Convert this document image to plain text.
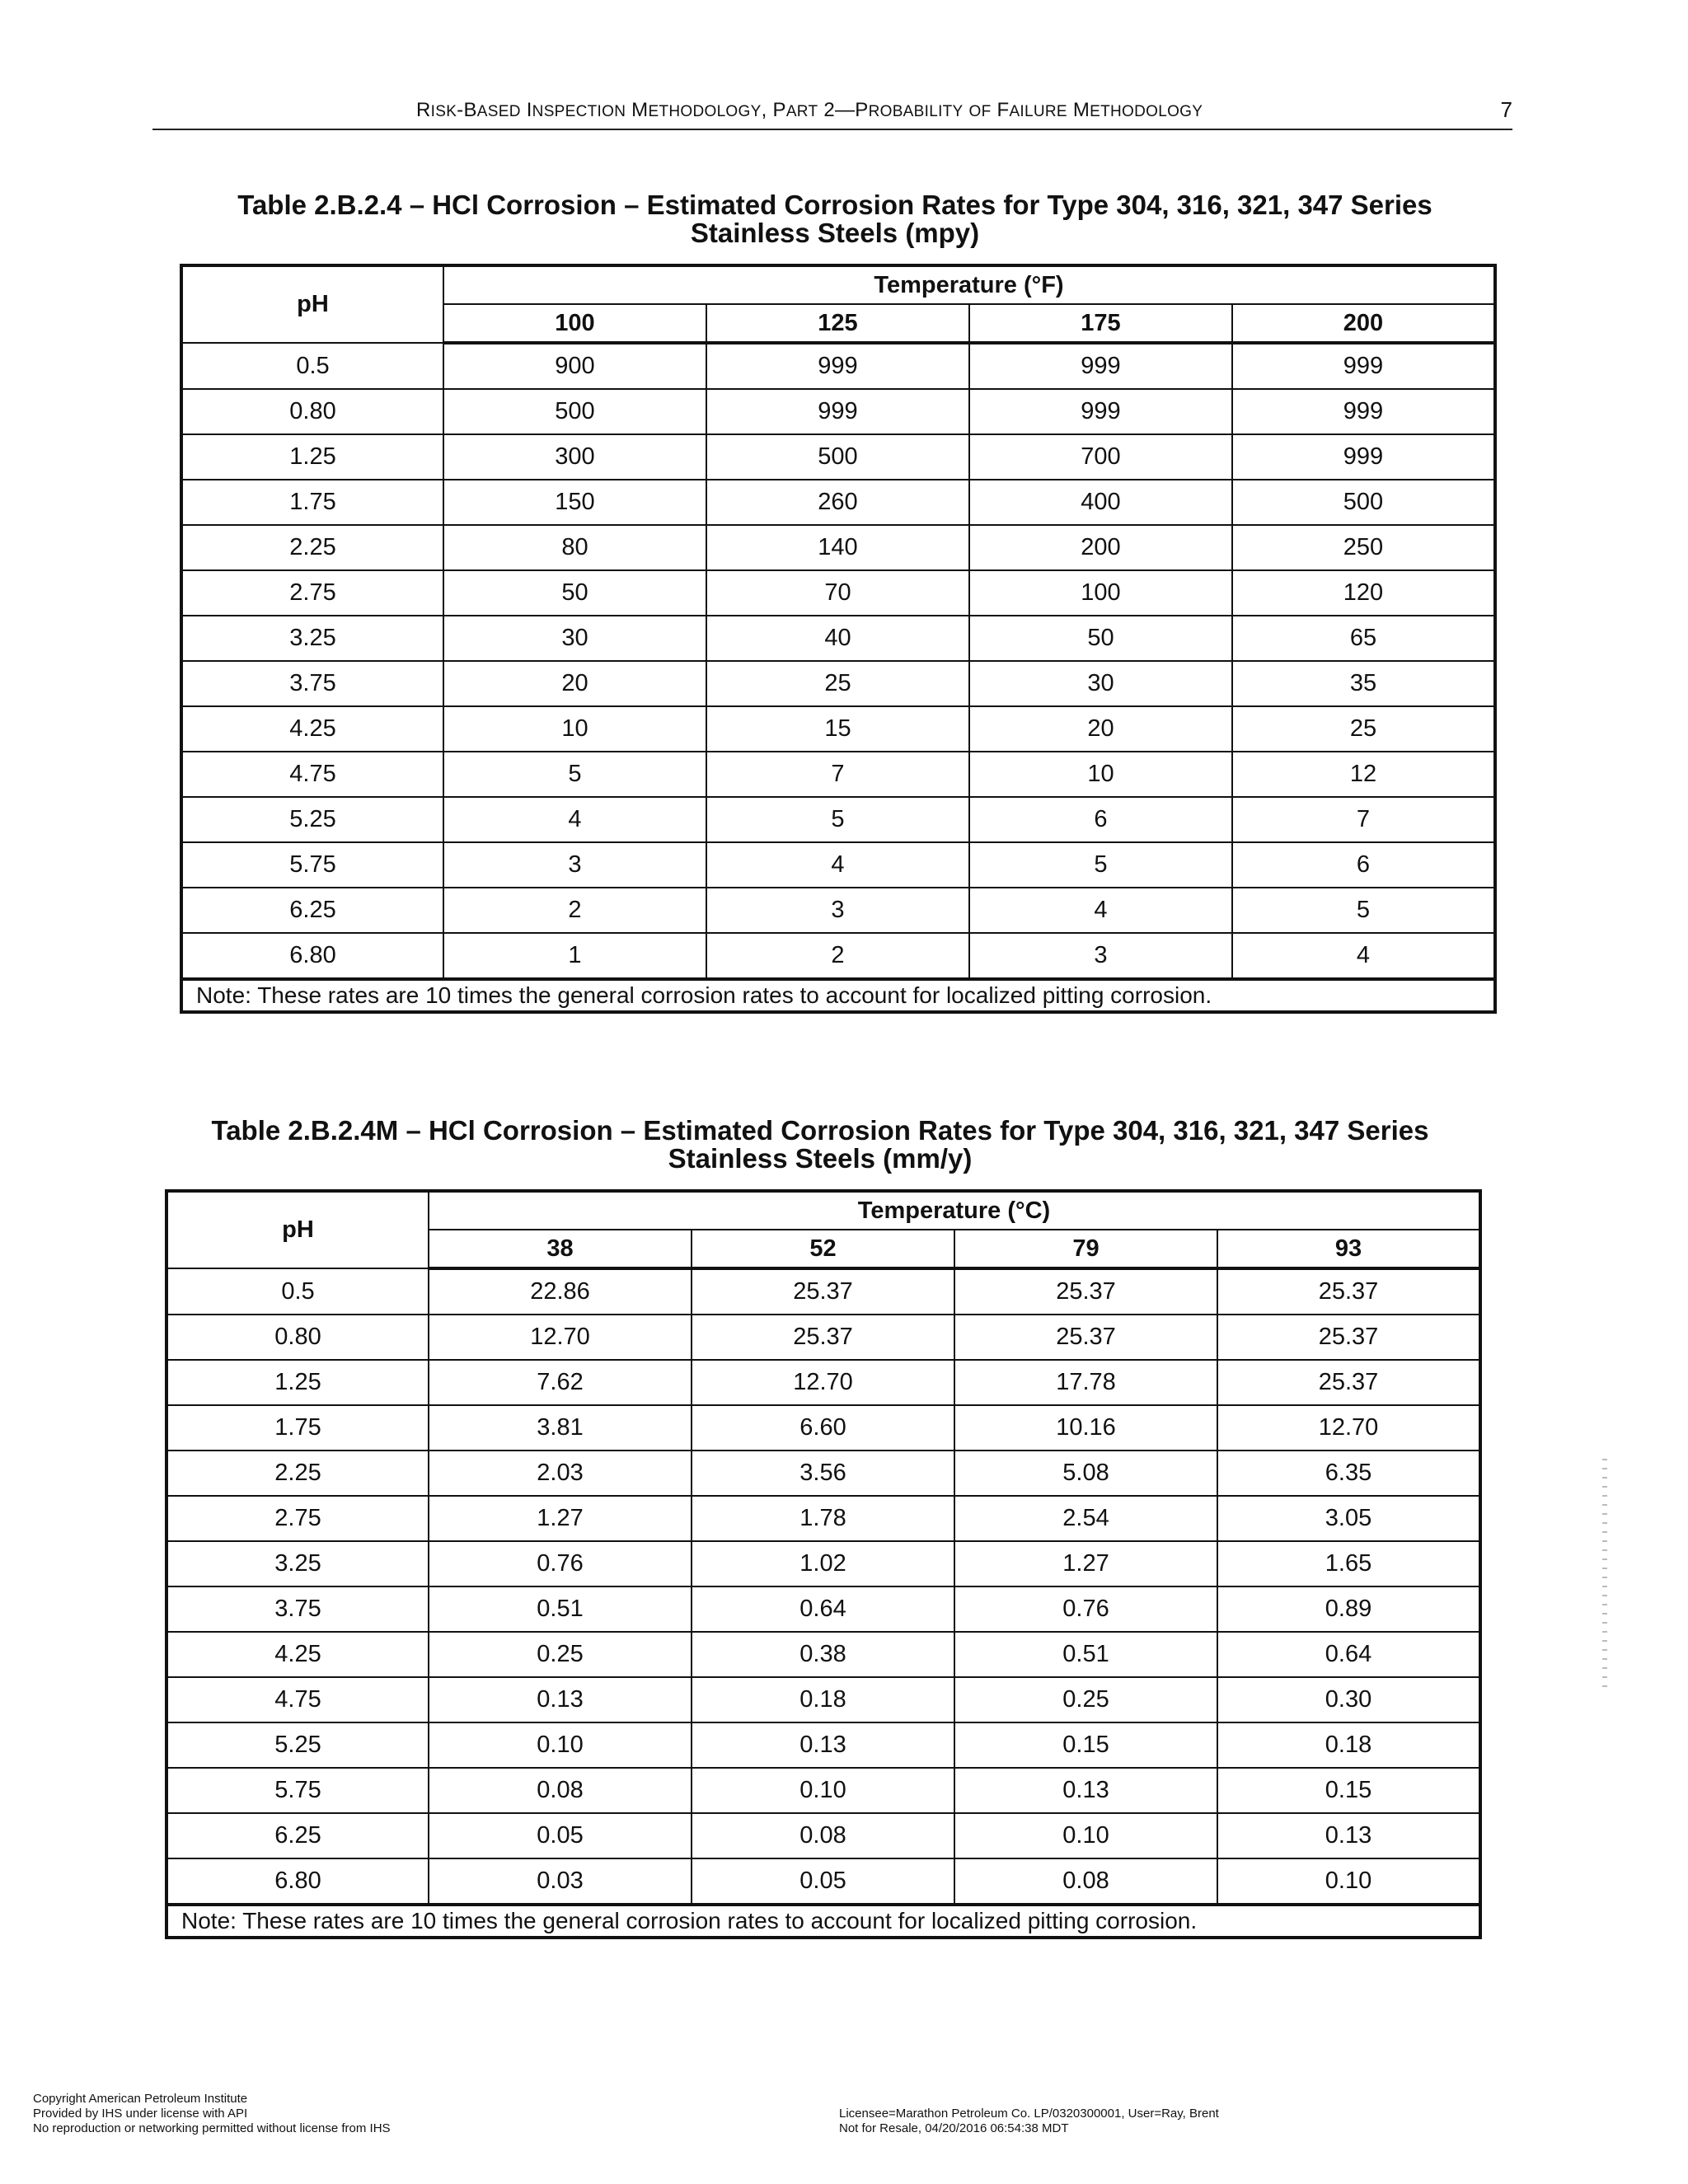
RISK-BASED INSPECTION METHODOLOGY, PART 2—PROBABILITY OF FAILURE METHODOLOGY	7
Table 2.B.2.4 – HCl Corrosion – Estimated Corrosion Rates for Type 304, 316, 321, 347 Series
Stainless Steels (mpy)
pH	Temperature (°F)			
	100	125	175	200
0.5	900	999	999	999
0.80	500	999	999	999
1.25	300	500	700	999
1.75	150	260	400	500
2.25	80	140	200	250
2.75	50	70	100	120
3.25	30	40	50	65
3.75	20	25	30	35
4.25	10	15	20	25
4.75	5	7	10	12
5.25	4	5	6	7
5.75	3	4	5	6
6.25	2	3	4	5
6.80	1	2	3	4
Note: These rates are 10 times the general corrosion rates to account for localized pitting corrosion.				
Table 2.B.2.4M – HCl Corrosion – Estimated Corrosion Rates for Type 304, 316, 321, 347 Series
Stainless Steels (mm/y)
pH	Temperature (°C)			
	38	52	79	93
0.5	22.86	25.37	25.37	25.37
0.80	12.70	25.37	25.37	25.37
1.25	7.62	12.70	17.78	25.37
1.75	3.81	6.60	10.16	12.70
2.25	2.03	3.56	5.08	6.35
2.75	1.27	1.78	2.54	3.05
3.25	0.76	1.02	1.27	1.65
3.75	0.51	0.64	0.76	0.89
4.25	0.25	0.38	0.51	0.64
4.75	0.13	0.18	0.25	0.30
5.25	0.10	0.13	0.15	0.18
5.75	0.08	0.10	0.13	0.15
6.25	0.05	0.08	0.10	0.13
6.80	0.03	0.05	0.08	0.10
Note: These rates are 10 times the general corrosion rates to account for localized pitting corrosion.				
Copyright American Petroleum Institute
Provided by IHS under license with API
No reproduction or networking permitted without license from IHS
Licensee=Marathon Petroleum Co. LP/0320300001, User=Ray, Brent
Not for Resale, 04/20/2016 06:54:38 MDT
